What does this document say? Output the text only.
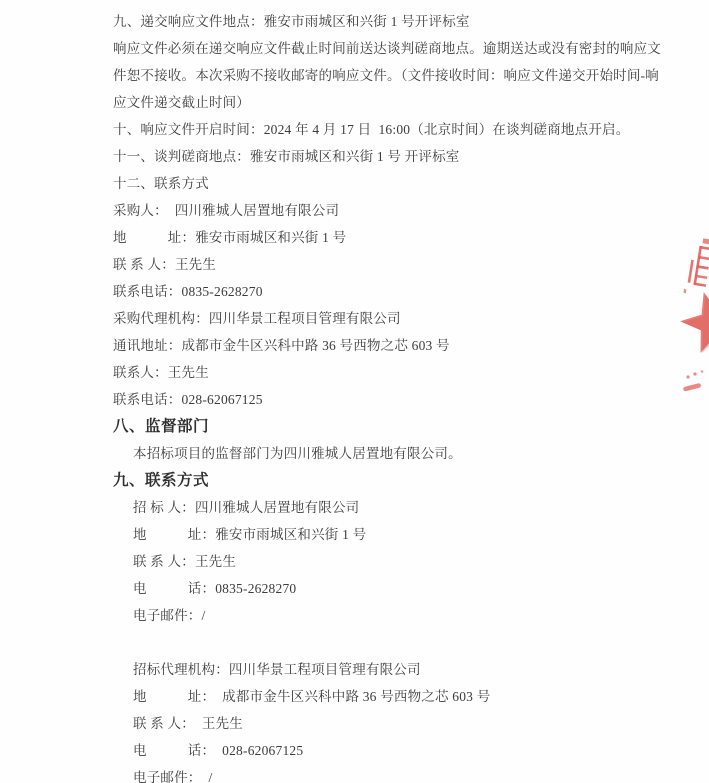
九、递交响应文件地点：雅安市雨城区和兴街 1 号开评标室
响应文件必须在递交响应文件截止时间前送达谈判磋商地点。逾期送达或没有密封的响应文
件恕不接收。本次采购不接收邮寄的响应文件。（文件接收时间：响应文件递交开始时间-响
应文件递交截止时间）
十、响应文件开启时间：2024 年 4 月 17 日  16:00（北京时间）在谈判磋商地点开启。
十一、谈判磋商地点：雅安市雨城区和兴街 1 号 开评标室
十二、联系方式
采购人：　四川雅城人居置地有限公司
地　　　址：雅安市雨城区和兴街 1 号
联 系 人：王先生
联系电话：0835-2628270
采购代理机构：四川华景工程项目管理有限公司
通讯地址：成都市金牛区兴科中路 36 号西物之芯 603 号
联系人：王先生
联系电话：028-62067125
八、监督部门
本招标项目的监督部门为四川雅城人居置地有限公司。
九、联系方式
招 标 人：四川雅城人居置地有限公司
地　　　址：雅安市雨城区和兴街 1 号
联 系 人：王先生
电　　　话：0835-2628270
电子邮件：/
招标代理机构：四川华景工程项目管理有限公司
地　　　址：　成都市金牛区兴科中路 36 号西物之芯 603 号
联 系 人：　王先生
电　　　话：　028-62067125
电子邮件：　/
